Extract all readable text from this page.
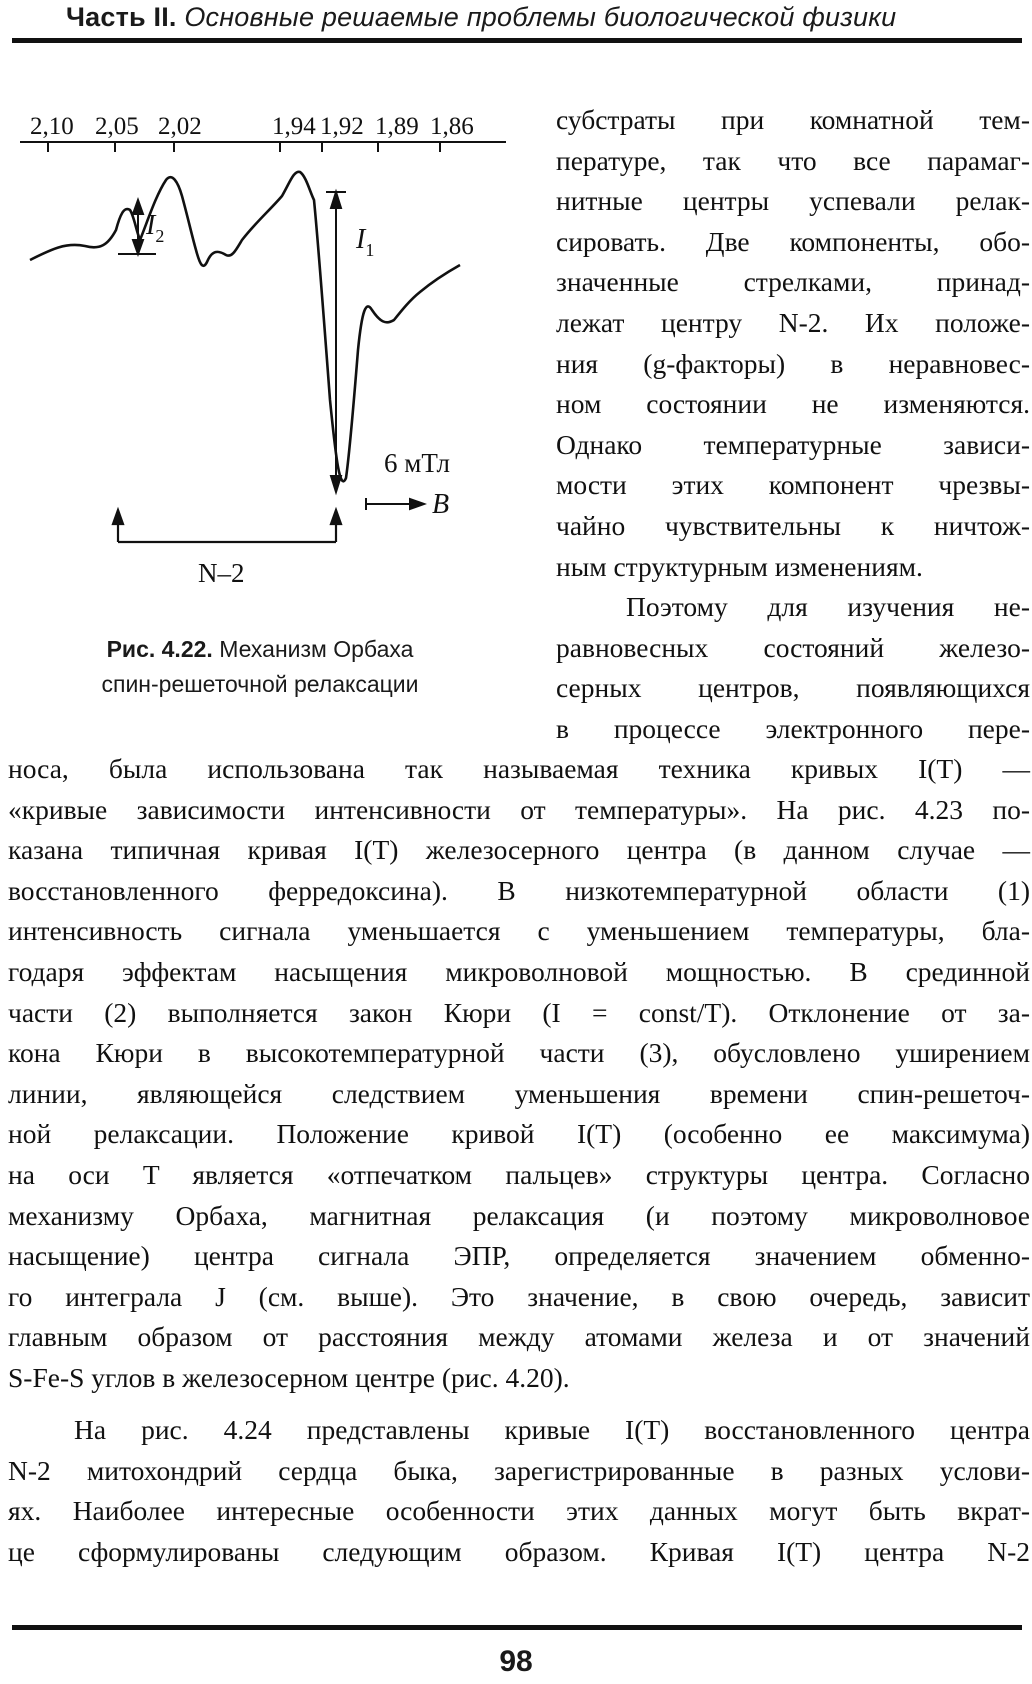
Часть II. Основные решаемые проблемы биологической физики
2,10 2,05 2,02	1,94 1,92 1,89 1,86
$I_2$	$I_1$
6 мТл
B
N–2
Рис. 4.22. Механизм Орбаха
спин-решеточной релаксации
субстраты при комнатной тем-
пературе, так что все парамаг-
нитные центры успевали релак-
сировать. Две компоненты, обо-
значенные стрелками, принад-
лежат центру N-2. Их положе-
ния (g-факторы) в неравновес-
ном состоянии не изменяются.
Однако температурные зависи-
мости этих компонент чрезвы-
чайно чувствительны к ничтож-
ным структурным изменениям.
Поэтому для изучения не-
равновесных состояний железо-
серных центров, появляющихся
в процессе электронного пере-
носа, была использована так называемая техника кривых I(T) —
«кривые зависимости интенсивности от температуры». На рис. 4.23 по-
казана типичная кривая I(T) железосерного центра (в данном случае —
восстановленного ферредоксина). В низкотемпературной области (1)
интенсивность сигнала уменьшается с уменьшением температуры, бла-
годаря эффектам насыщения микроволновой мощностью. В срединной
части (2) выполняется закон Кюри (I = const/T). Отклонение от за-
кона Кюри в высокотемпературной части (3), обусловлено уширением
линии, являющейся следствием уменьшения времени спин-решеточ-
ной релаксации. Положение кривой I(T) (особенно ее максимума)
на оси T является «отпечатком пальцев» структуры центра. Согласно
механизму Орбаха, магнитная релаксация (и поэтому микроволновое
насыщение) центра сигнала ЭПР, определяется значением обменно-
го интеграла J (см. выше). Это значение, в свою очередь, зависит
главным образом от расстояния между атомами железа и от значений
S-Fe-S углов в железосерном центре (рис. 4.20).
На рис. 4.24 представлены кривые I(T) восстановленного центра
N-2 митохондрий сердца быка, зарегистрированные в разных услови-
ях. Наиболее интересные особенности этих данных могут быть вкрат-
це сформулированы следующим образом. Кривая I(T) центра N-2
98
